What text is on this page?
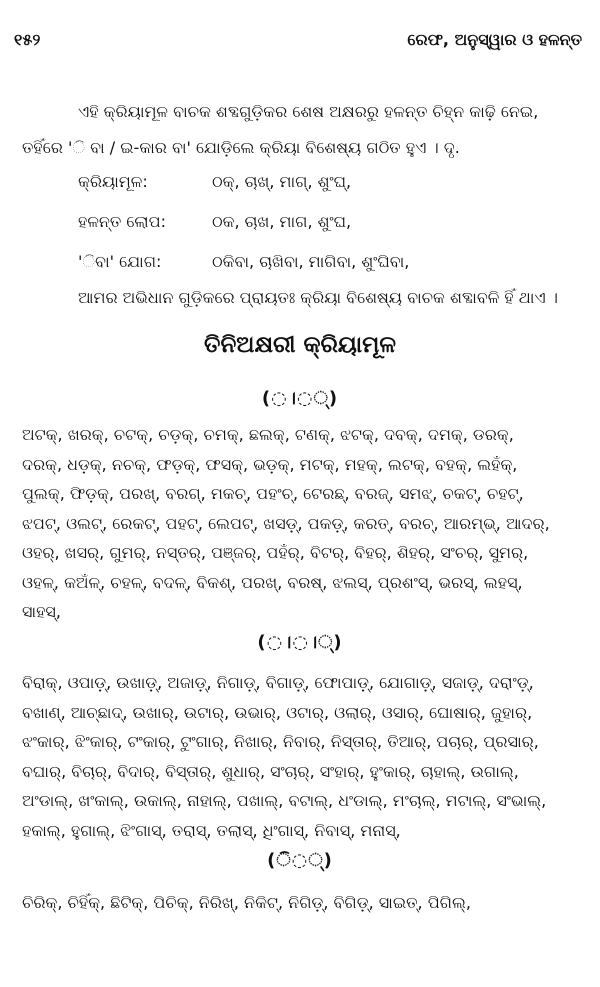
୧୫୨	ରେଫ, ଅନୁସ୍ୱାର ଓ ହଳନ୍ତ

ଏହି କ୍ରିୟାମୂଳ ବାଚକ ଶବ୍ଦଗୁଡ଼ିକର ଶେଷ ଅକ୍ଷରରୁ ହଳନ୍ତ ଚିହ୍ନ କାଢ଼ି ନେଇ,

ତହିଁରେ '◌ି ବା / ଇ-କାର ବା' ଯୋଡ଼ିଲେ କ୍ରିୟା ବିଶେଷ୍ୟ ଗଠିତ ହୁଏ । ଦୃ.

କ୍ରିୟାମୂଳ:	ଠକ୍, ଚାଖ୍, ମାଗ୍, ଶୁଂଘ୍,
ହଳନ୍ତ ଲୋପ:	ଠକ, ଚାଖ, ମାଗ, ଶୁଂଘ,
'◌ିବା' ଯୋଗ:	ଠକିବା, ଚାଖିବା, ମାଗିବା, ଶୁଂଘିବା,
ଆମର ଅଭିଧାନ ଗୁଡ଼ିକରେ ପ୍ରାୟତଃ କ୍ରିୟା ବିଶେଷ୍ୟ ବାଚକ ଶବ୍ଦାବଳି ହିଁ ଥାଏ ।
ତିନିଅକ୍ଷରୀ କ୍ରିୟାମୂଳ
(◌।◌◌୍)

ଅଟକ୍, ଖରକ୍, ଚଟକ୍, ଚଡ଼କ୍, ଚମକ୍, ଛଲକ୍, ଟଣକ୍, ଝଟକ୍, ଦବକ୍, ଦମକ୍, ଡରକ୍,

ଦରକ୍, ଧଡ଼କ୍, ନଚକ୍, ଫଡ଼କ୍, ଫସକ୍, ଭଡ଼କ୍, ମଟକ୍, ମହକ୍, ଲଟକ୍, ବହକ୍, ଲହଁକ୍,

ପୁଲକ୍, ଫିଡ଼କ୍, ପରଖ୍, ବରଗ୍, ମକଚ୍, ପହଂଚ୍, ଟେରଛ୍, ବରଜ୍, ସମଝ୍, ଚକଟ୍, ଚହଟ୍,

ଝପଟ୍, ଓଲଟ୍, ରେକଟ୍, ପହଟ୍, ଲେପଟ୍, ଖସଡ଼୍, ପକଡ଼୍, କରତ୍, ବରଚ୍, ଆରମ୍ଭ୍, ଆଦର୍,

ଓହର୍, ଖସର୍, ଗୁମର୍, ନସ୍ତର୍, ପଞ୍ଜର୍, ପହଁର୍, ବିଟର୍, ବିହର୍, ଶିହର୍, ସଂଚର୍, ସୁମର୍,

ଓହଳ୍, କଅଁଳ୍, ଚହଳ୍, ବଦଳ୍, ବିକଶ୍, ପରଖ୍, ବରଷ୍, ଝଲସ୍, ପ୍ରଶଂସ୍, ଭରସ୍, ଲହସ୍,

ସାହସ୍,

(◌।◌।◌୍)

ବିରାକ୍, ଓପାଡ଼୍, ଉଖାଡ଼୍, ଅଜାଡ଼୍, ନିଗାଡ଼୍, ବିଗାଡ଼୍, ଫୋପାଡ଼୍, ଯୋଗାଡ଼୍, ସଜାଡ଼୍, ଦରାଂଡ଼୍,

ବଖାଣ୍, ଆଚ୍ଛାଦ୍, ଉଖାର୍, ଉଟାର୍, ଉଭାର୍, ଓଟାର୍, ଓଲାର୍, ଓସାର୍, ଘୋଷାର୍, ଜୁହାର୍,

ଝଂକାର୍, ଝିଂକାର୍, ଟଂକାର୍, ଟୁଂଗାର୍, ନିଖାର୍, ନିବାର୍, ନିସ୍ତାର୍, ତିଆର୍, ପଚାର୍, ପ୍ରସାର୍,

ବଘାର୍, ବିଚାର୍, ବିଦାର୍, ବିସ୍ତାର୍, ଶୁଧାର୍, ସଂଚାର୍, ସଂହାର୍, ହୁଂକାର୍, ଚାହାଲ୍, ଉଗାଲ୍,

ଅଂଡାଲ୍, ଖଂକାଲ୍, ଉକାଲ୍, ନାହାଲ୍, ପଖାଲ୍, ବଟାଲ୍, ଧଂଡାଲ୍, ମଂଚାଲ୍, ମଟାଲ୍, ସଂଭାଲ୍,

ହକାଲ୍, ହୁଗାଲ୍, ଝିଂଗାସ୍, ତରାସ୍, ତଲାସ୍, ଧିଂଗାସ୍, ନିବାସ୍, ମନାସ୍,

(◌ି◌◌୍)

ଚିରିକ୍, ଚିହିଁକ୍, ଛିଟିକ୍, ପିଚିକ୍, ନିରିଖ୍, ନିକିଟ୍, ନିଗିଡ଼୍, ବିଗିଡ଼୍, ସାଇତ୍, ପିଗିଲ୍,
